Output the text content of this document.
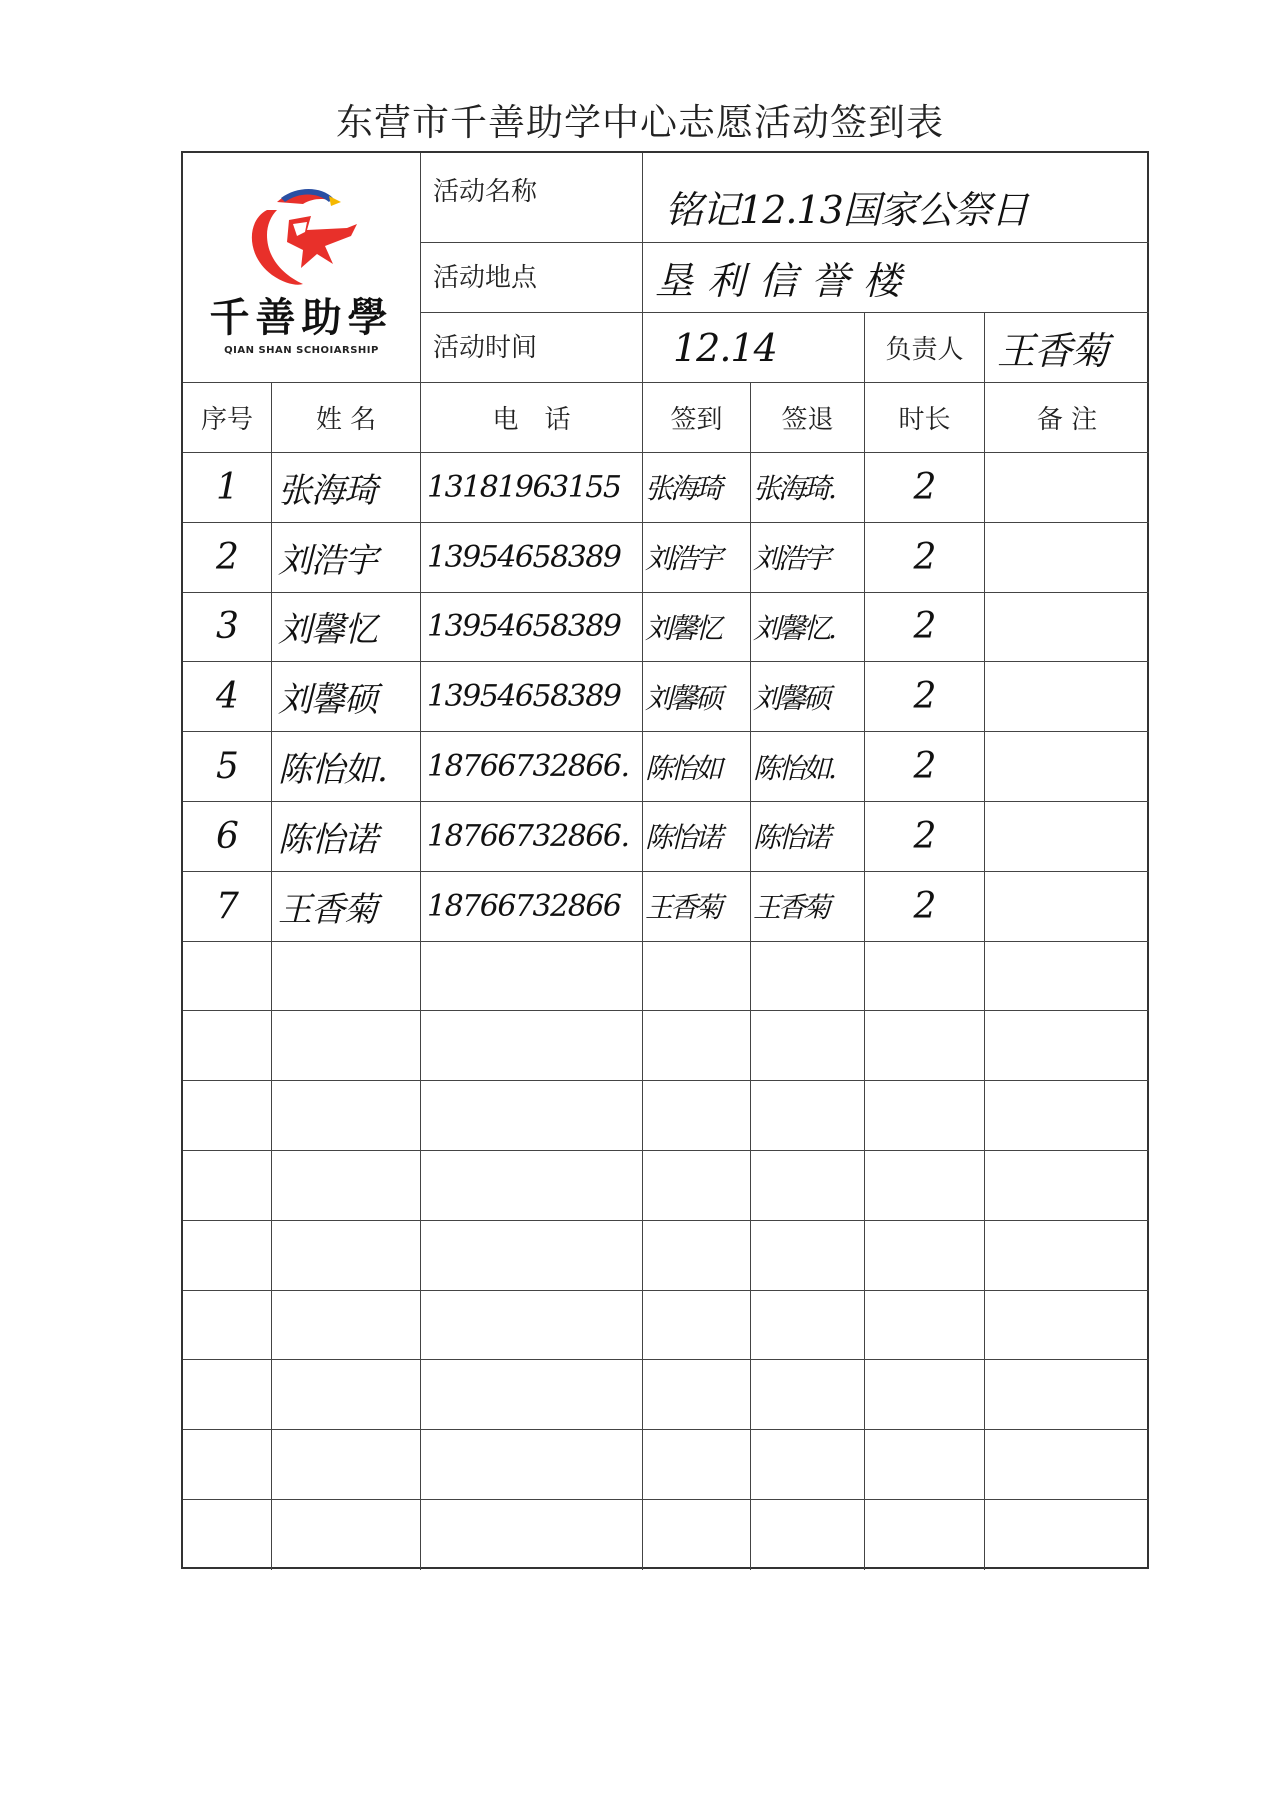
东营市千善助学中心志愿活动签到表
千善助學
QIAN SHAN SCHOIARSHIP
活动名称	铭记12.13国家公祭日
活动地点	垦利信誉楼
活动时间	12.14	负责人 王香菊
序号	姓 名	电　话	签到	签退	时长	备 注
1	张海琦	13181963155 张海琦	张海琦.	2
2	刘浩宇	13954658389 刘浩宇	刘浩宇	2
3	刘馨忆	13954658389 刘馨忆	刘馨忆.	2
4	刘馨硕	13954658389 刘馨硕	刘馨硕	2
5	陈怡如.	18766732866. 陈怡如	陈怡如.	2
6	陈怡诺	18766732866. 陈怡诺	陈怡诺	2
7	王香菊	18766732866 王香菊	王香菊	2
